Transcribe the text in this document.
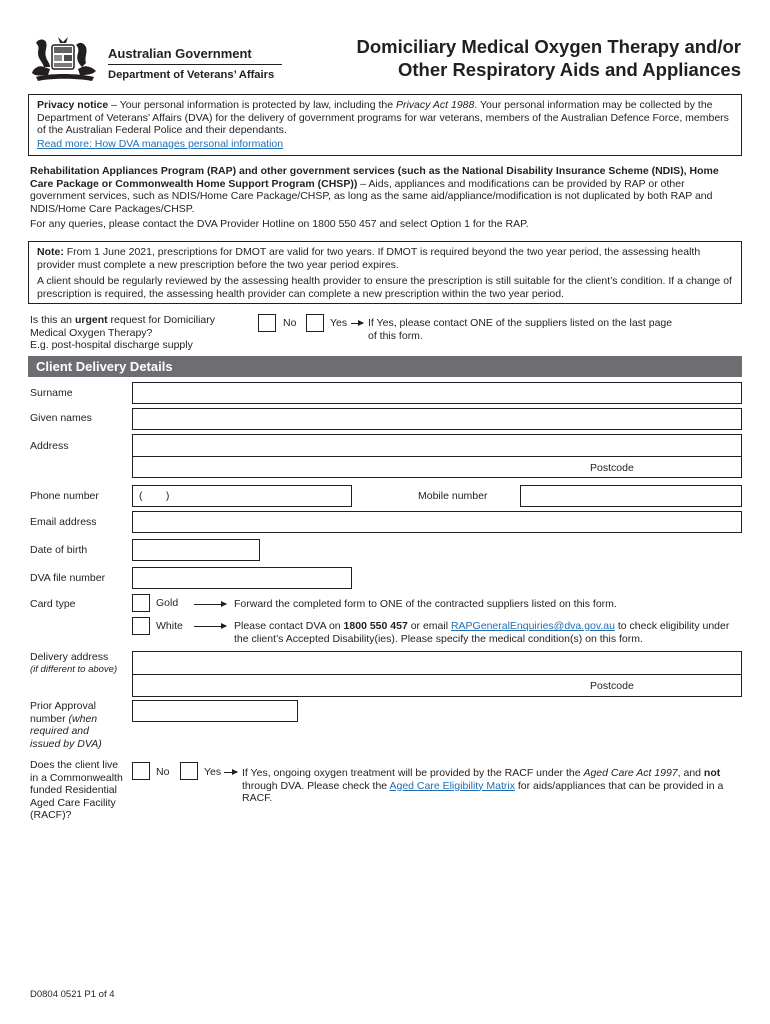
Australian Government
Department of Veterans’ Affairs
Domiciliary Medical Oxygen Therapy and/or
Other Respiratory Aids and Appliances
Privacy notice – Your personal information is protected by law, including the Privacy Act 1988. Your personal information may be collected by the Department of Veterans’ Affairs (DVA) for the delivery of government programs for war veterans, members of the Australian Defence Force, members of the Australian Federal Police and their dependants.
Read more: How DVA manages personal information
Rehabilitation Appliances Program (RAP) and other government services (such as the National Disability Insurance Scheme (NDIS), Home Care Package or Commonwealth Home Support Program (CHSP)) – Aids, appliances and modifications can be provided by RAP or other government services, such as NDIS/Home Care Package/CHSP, as long as the same aid/appliance/modification is not duplicated by both RAP and NDIS/Home Care Packages/CHSP.
For any queries, please contact the DVA Provider Hotline on 1800 550 457 and select Option 1 for the RAP.
Note: From 1 June 2021, prescriptions for DMOT are valid for two years. If DMOT is required beyond the two year period, the assessing health provider must complete a new prescription before the two year period expires.
A client should be regularly reviewed by the assessing health provider to ensure the prescription is still suitable for the client’s condition. If a change of prescription is required, the assessing health provider can complete a new prescription within the two year period.
Is this an urgent request for Domiciliary Medical Oxygen Therapy?
E.g. post-hospital discharge supply
No	Yes If Yes, please contact ONE of the suppliers listed on the last page of this form.
Client Delivery Details
Surname
Given names
Address
Postcode
Phone number	(        )	Mobile number
Email address
Date of birth
DVA file number
Card type	Gold	Forward the completed form to ONE of the contracted suppliers listed on this form.
White	Please contact DVA on 1800 550 457 or email RAPGeneralEnquiries@dva.gov.au to check eligibility under the client’s Accepted Disability(ies). Please specify the medical condition(s) on this form.
Delivery address
(if different to above)
Postcode
Prior Approval number (when required and issued by DVA)
Does the client live in a Commonwealth funded Residential Aged Care Facility (RACF)?
No	Yes If Yes, ongoing oxygen treatment will be provided by the RACF under the Aged Care Act 1997, and not through DVA. Please check the Aged Care Eligibility Matrix for aids/appliances that can be provided in a RACF.
D0804 0521 P1 of 4
